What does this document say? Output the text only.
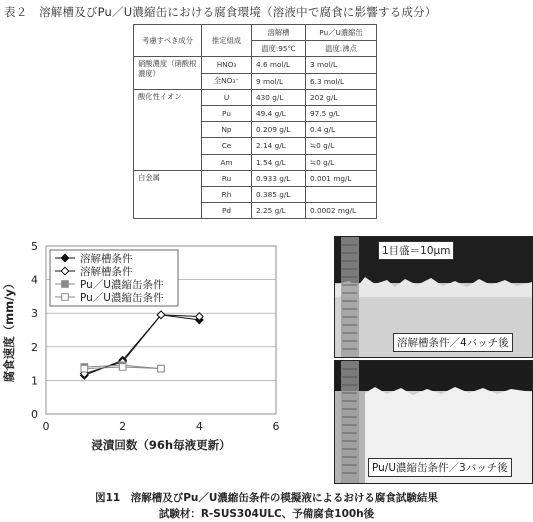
表２　溶解槽及びPu／U濃縮缶における腐食環境（溶液中で腐食に影響する成分）
考慮すべき成分	推定組成	溶解槽	Pu／U濃縮缶
		温度:95℃	温度:沸点
硝酸濃度（硝酸根濃度）	HNO₃	4.6 mol/L	3 mol/L
	全NO₃⁻	9 mol/L	6.3 mol/L
酸化性イオン	U	430 g/L	202 g/L
	Pu	49.4 g/L	97.5 g/L
	Np	0.209 g/L	0.4 g/L
	Ce	2.14 g/L	≒0 g/L
	Am	1.54 g/L	≒0 g/L
白金属	Ru	0.933 g/L	0.001 mg/L
	Rh	0.385 g/L	
	Pd	2.25 g/L	0.0002 mg/L
0
1
2
3
4
5
0	2	4	6
浸漬回数（96h毎液更新）
腐食速度（mm/y）
溶解槽条件
溶解槽条件
Pu／U濃縮缶条件
Pu／U濃縮缶条件
1目盛＝10μm
溶解槽条件／4バッチ後
Pu/U濃縮缶条件／3バッチ後
図11　溶解槽及びPu／U濃縮缶条件の模擬液によるおける腐食試験結果
試験材：R-SUS304ULC、予備腐食100h後
